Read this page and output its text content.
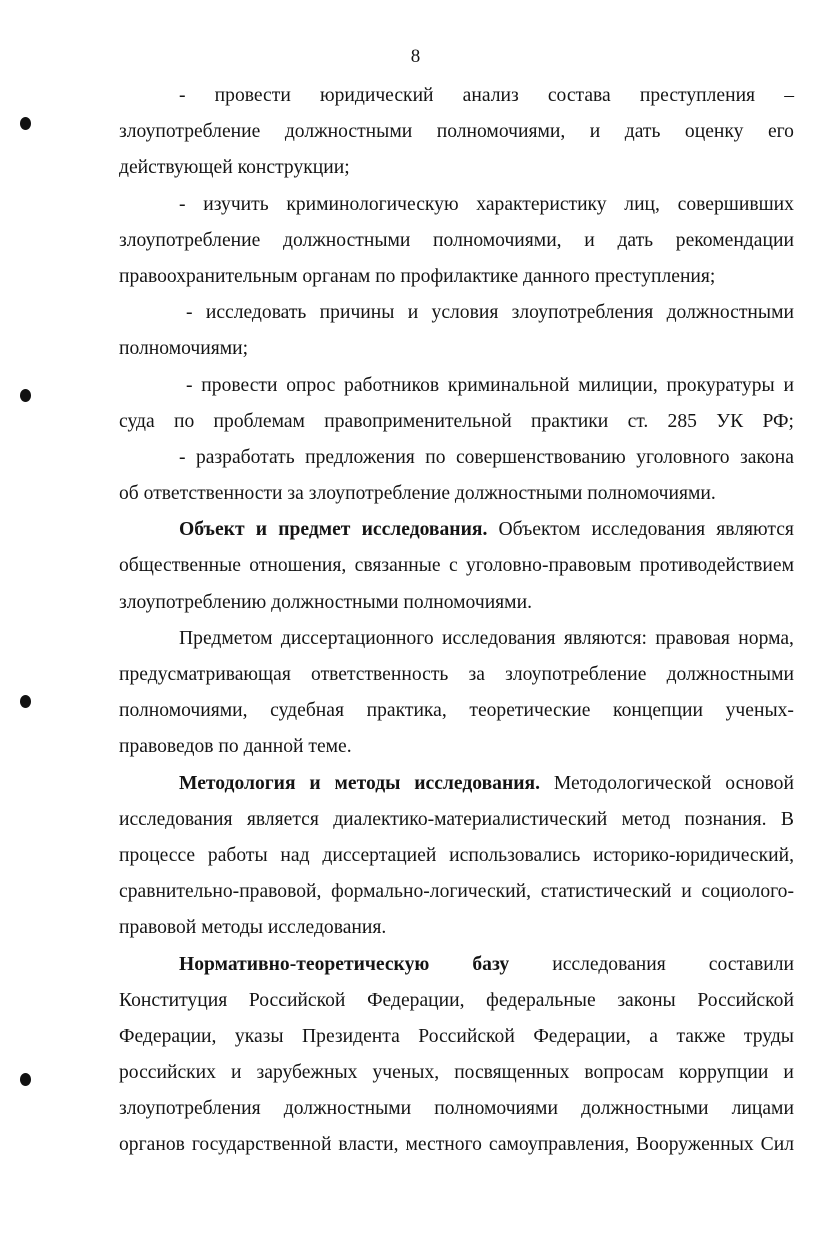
8
- провести юридический анализ состава преступления –
злоупотребление должностными полномочиями, и дать оценку его
действующей конструкции;
- изучить криминологическую характеристику лиц, совершивших
злоупотребление должностными полномочиями, и дать рекомендации
правоохранительным органам по профилактике данного преступления;
- исследовать причины и условия злоупотребления должностными
полномочиями;
- провести опрос работников криминальной милиции, прокуратуры и
суда по проблемам правоприменительной практики ст. 285 УК РФ;
- разработать предложения по совершенствованию уголовного закона
об ответственности за злоупотребление должностными полномочиями.
Объект и предмет исследования. Объектом исследования являются
общественные отношения, связанные с уголовно-правовым противодействием
злоупотреблению должностными полномочиями.
Предметом диссертационного исследования являются: правовая норма,
предусматривающая ответственность за злоупотребление должностными
полномочиями, судебная практика, теоретические концепции ученых-
правоведов по данной теме.
Методология и методы исследования. Методологической основой
исследования является диалектико-материалистический метод познания. В
процессе работы над диссертацией использовались историко-юридический,
сравнительно-правовой, формально-логический, статистический и социолого-
правовой методы исследования.
Нормативно-теоретическую базу исследования составили
Конституция Российской Федерации, федеральные законы Российской
Федерации, указы Президента Российской Федерации, а также труды
российских и зарубежных ученых, посвященных вопросам коррупции и
злоупотребления должностными полномочиями должностными лицами
органов государственной власти, местного самоуправления, Вооруженных Сил
